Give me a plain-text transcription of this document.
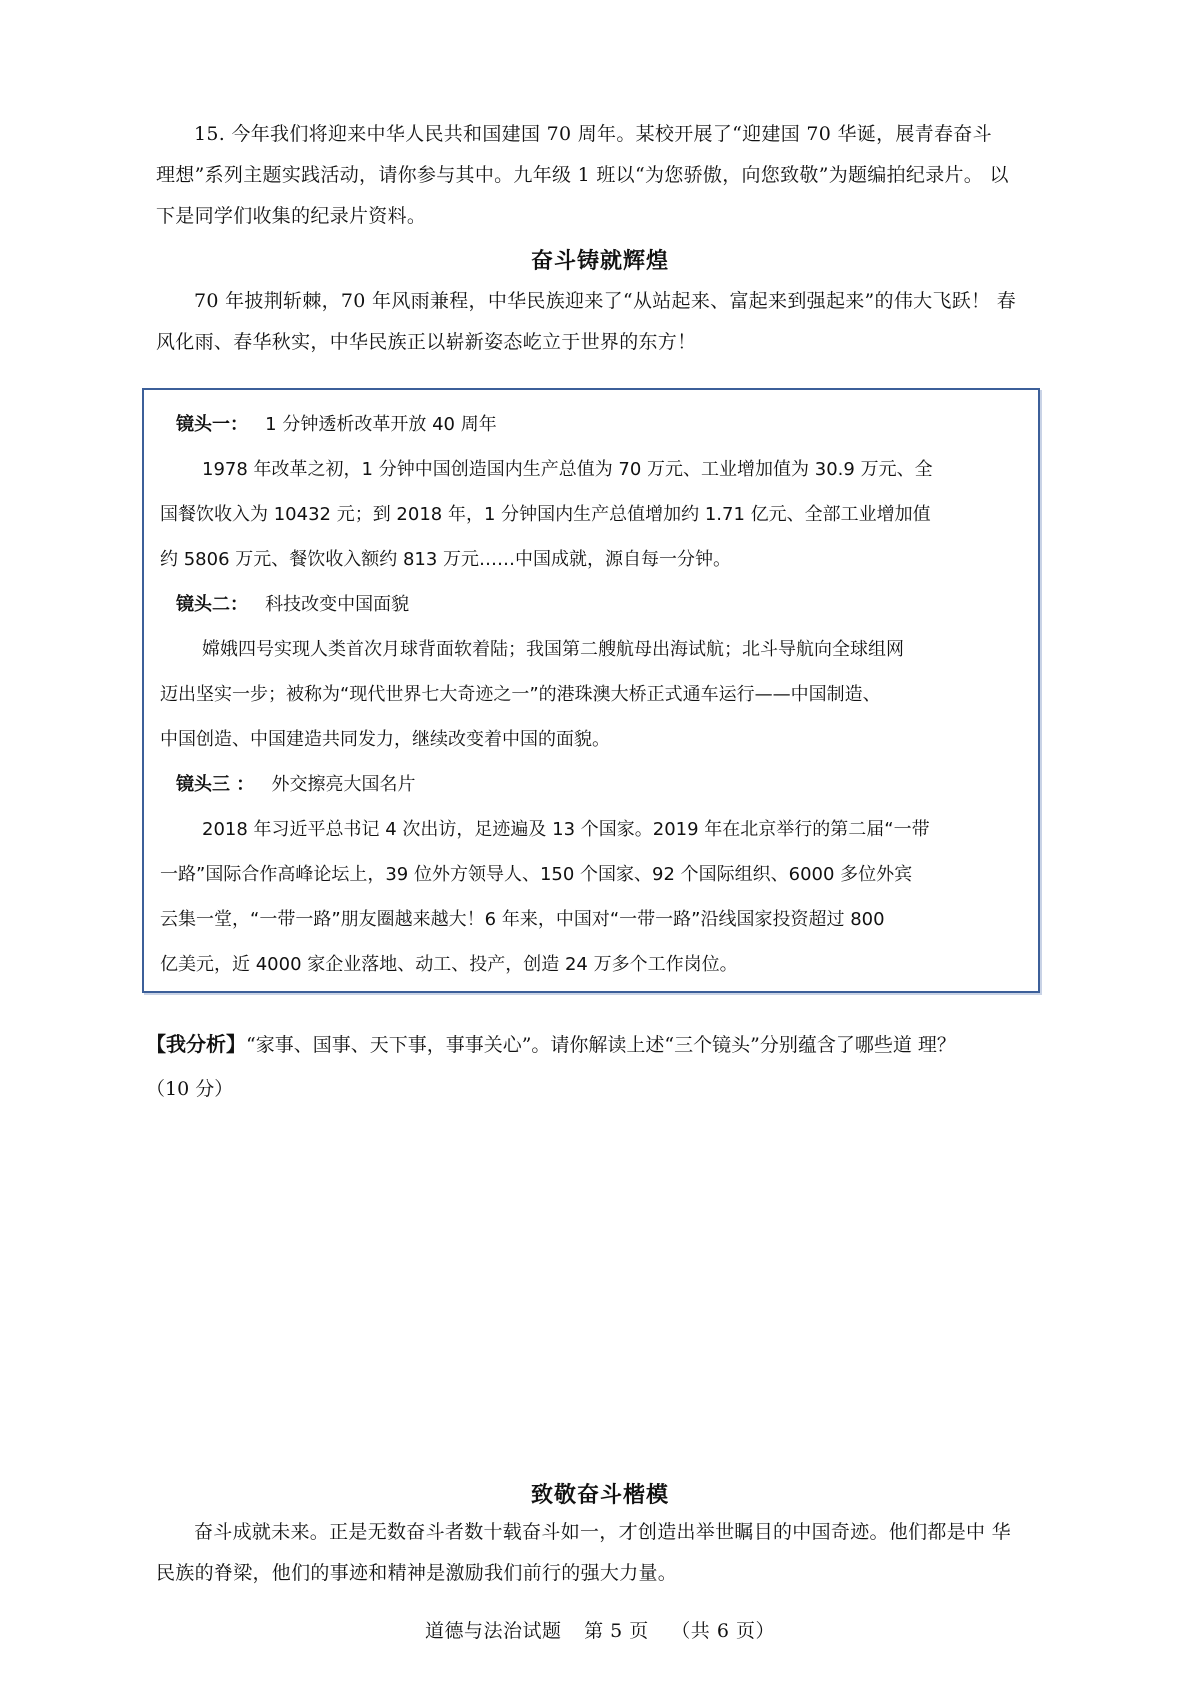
15. 今年我们将迎来中华人民共和国建国 70 周年。某校开展了“迎建国 70 华诞，展青春奋斗
理想”系列主题实践活动，请你参与其中。九年级 1 班以“为您骄傲，向您致敬”为题编拍纪录片。 以
下是同学们收集的纪录片资料。
奋斗铸就辉煌
70 年披荆斩棘，70 年风雨兼程，中华民族迎来了“从站起来、富起来到强起来”的伟大飞跃！ 春
风化雨、春华秋实，中华民族正以崭新姿态屹立于世界的东方！
镜头一： 1 分钟透析改革开放 40 周年
1978 年改革之初，1 分钟中国创造国内生产总值为 70 万元、工业增加值为 30.9 万元、全
国餐饮收入为 10432 元；到 2018 年，1 分钟国内生产总值增加约 1.71 亿元、全部工业增加值
约 5806 万元、餐饮收入额约 813 万元……中国成就，源自每一分钟。
镜头二： 科技改变中国面貌
嫦娥四号实现人类首次月球背面软着陆；我国第二艘航母出海试航；北斗导航向全球组网
迈出坚实一步；被称为“现代世界七大奇迹之一”的港珠澳大桥正式通车运行——中国制造、
中国创造、中国建造共同发力，继续改变着中国的面貌。
镜头三 ： 外交擦亮大国名片
2018 年习近平总书记 4 次出访，足迹遍及 13 个国家。2019 年在北京举行的第二届“一带
一路”国际合作高峰论坛上，39 位外方领导人、150 个国家、92 个国际组织、6000 多位外宾
云集一堂，“一带一路”朋友圈越来越大！6 年来，中国对“一带一路”沿线国家投资超过 800
亿美元，近 4000 家企业落地、动工、投产，创造 24 万多个工作岗位。
【我分析】“家事、国事、天下事，事事关心”。请你解读上述“三个镜头”分别蕴含了哪些道 理？
（10 分）
致敬奋斗楷模
奋斗成就未来。正是无数奋斗者数十载奋斗如一，才创造出举世瞩目的中国奇迹。他们都是中 华
民族的脊梁，他们的事迹和精神是激励我们前行的强大力量。
道德与法治试题 第 5 页 （共 6 页）
